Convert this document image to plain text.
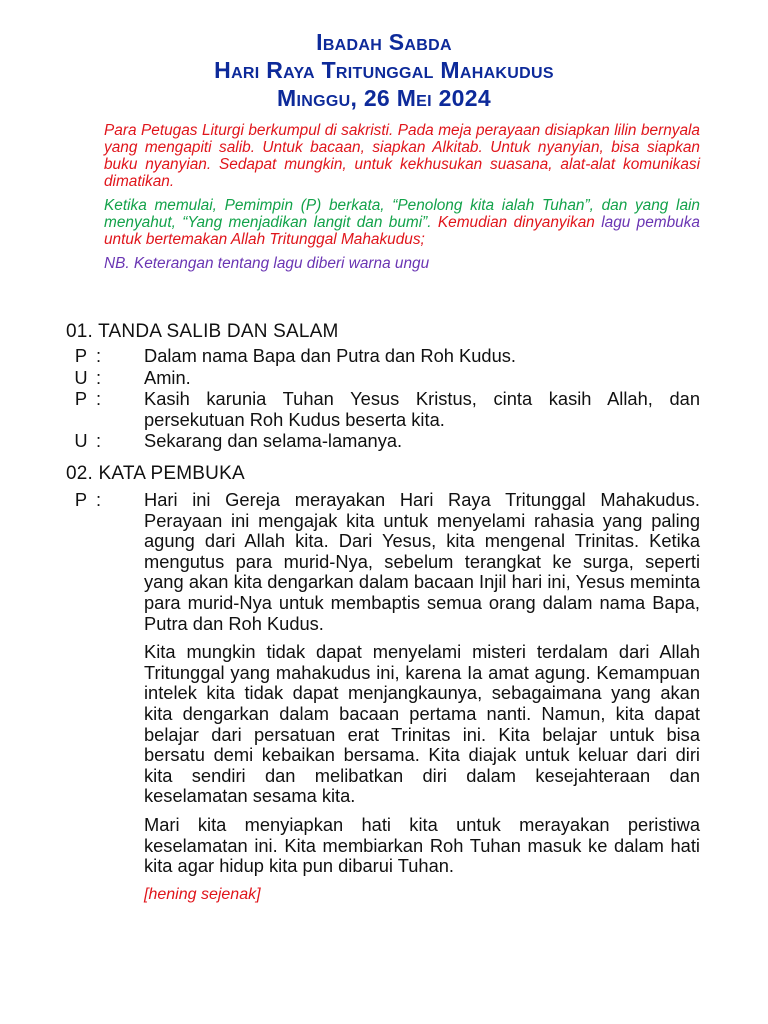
Ibadah Sabda
Hari Raya Tritunggal Mahakudus
Minggu, 26 Mei 2024

Para Petugas Liturgi berkumpul di sakristi. Pada meja perayaan disiapkan lilin bernyala yang mengapiti salib. Untuk bacaan, siapkan Alkitab. Untuk nyanyian, bisa siapkan buku nyanyian. Sedapat mungkin, untuk kekhusukan suasana, alat-alat komunikasi dimatikan.

Ketika memulai, Pemimpin (P) berkata, “Penolong kita ialah Tuhan”, dan yang lain menyahut, “Yang menjadikan langit dan bumi”. Kemudian dinyanyikan lagu pembuka untuk bertemakan Allah Tritunggal Mahakudus;

NB. Keterangan tentang lagu diberi warna ungu

01. TANDA SALIB DAN SALAM
P :	Dalam nama Bapa dan Putra dan Roh Kudus.
U :	Amin.
P :	Kasih karunia Tuhan Yesus Kristus, cinta kasih Allah, dan persekutuan Roh Kudus beserta kita.
U :	Sekarang dan selama-lamanya.
02. KATA PEMBUKA
P :	Hari ini Gereja merayakan Hari Raya Tritunggal Mahakudus. Perayaan ini mengajak kita untuk menyelami rahasia yang paling agung dari Allah kita. Dari Yesus, kita mengenal Trinitas. Ketika mengutus para murid-Nya, sebelum terangkat ke surga, seperti yang akan kita dengarkan dalam bacaan Injil hari ini, Yesus meminta para murid-Nya untuk membaptis semua orang dalam nama Bapa, Putra dan Roh Kudus.

Kita mungkin tidak dapat menyelami misteri terdalam dari Allah Tritunggal yang mahakudus ini, karena Ia amat agung. Kemampuan intelek kita tidak dapat menjangkaunya, sebagaimana yang akan kita dengarkan dalam bacaan pertama nanti. Namun, kita dapat belajar dari persatuan erat Trinitas ini. Kita belajar untuk bisa bersatu demi kebaikan bersama. Kita diajak untuk keluar dari diri kita sendiri dan melibatkan diri dalam kesejahteraan dan keselamatan sesama kita.

Mari kita menyiapkan hati kita untuk merayakan peristiwa keselamatan ini. Kita membiarkan Roh Tuhan masuk ke dalam hati kita agar hidup kita pun dibarui Tuhan.

[hening sejenak]
